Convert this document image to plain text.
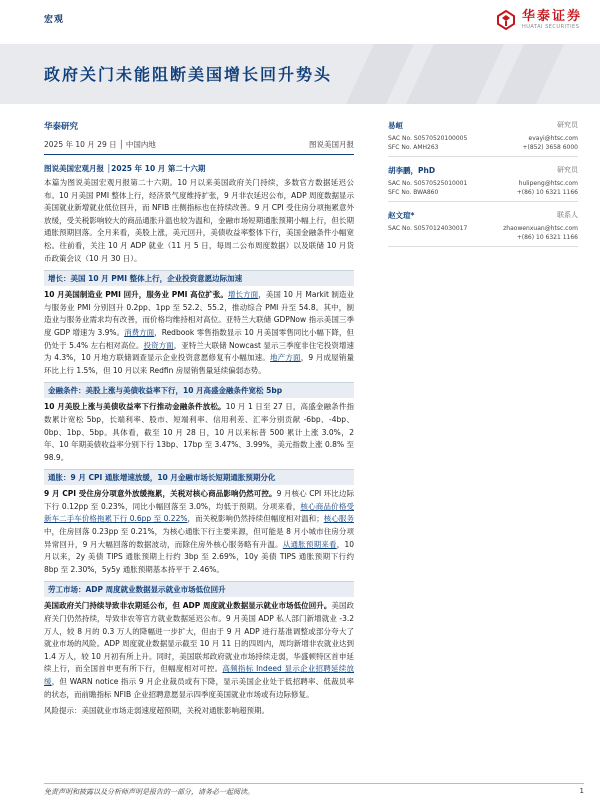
宏观	华泰证券
HUATAI SECURITIES
政府关门未能阻断美国增长回升势头
华泰研究
2025 年 10 月 29 日 │ 中国内地	图说美国月报
图说美国宏观月报 │2025 年 10 月 第二十六期
本篇为图说美国宏观月报第二十六期。10 月以来美国政府关门持续，多数官方数据延迟公布。10 月美国 PMI 整体上行，经济景气度维持扩张，9 月非农延迟公布，ADP 周度数据显示美国就业新增就业低位回升，而 NFIB 庄侧指标也在持续改善。9 月 CPI 受住房分项拖累意外放缓，受关税影响较大的商品通胀升温也较为温和，金融市场短期通胀预期小幅上行，但长期通胀预期回落。全月来看，美股上涨，美元回升，美债收益率整体下行，美国金融条件小幅宽松。往前看，关注 10 月 ADP 就业（11 月 5 日，每周二公布周度数据）以及联储 10 月货币政策会议（10 月 30 日）。
增长：美国 10 月 PMI 整体上行，企业投资意愿边际加速
10 月美国制造业 PMI 回升，服务业 PMI 高位扩张。增长方面，美国 10 月 Markit 制造业与服务业 PMI 分别回升 0.2pp、1pp 至 52.2、55.2，推动综合 PMI 升至 54.8。其中，制造业与服务业需求均有改善，而价格均维持相对高位。亚特兰大联储 GDPNow 指示美国三季度 GDP 增速为 3.9%。消费方面，Redbook 零售指数显示 10 月美国零售同比小幅下降，但仍处于 5.4% 左右相对高位。投资方面，亚特兰大联储 Nowcast 显示三季度非住宅投资增速为 4.3%，10 月地方联储调查显示企业投资意愿修复有小幅加速。地产方面，9 月成屋销量环比上行 1.5%，但 10 月以来 Redfin 房屋销售量延续偏弱态势。
金融条件：美股上涨与美债收益率下行，10 月高盛金融条件宽松 5bp
10 月美股上涨与美债收益率下行推动金融条件放松。10 月 1 日至 27 日，高盛金融条件指数累计宽松 5bp，长端利率、股市、短端利率、信用利差、汇率分别贡献 -6bp、-4bp、0bp、1bp、5bp。具体看，截至 10 月 28 日，10 月以来标普 500 累计上涨 3.0%，2 年、10 年期美债收益率分别下行 13bp、17bp 至 3.47%、3.99%，美元指数上涨 0.8% 至 98.9。
通胀：9 月 CPI 通胀增速放缓，10 月金融市场长短期通胀预期分化
9 月 CPI 受住房分项意外放缓拖累，关税对核心商品影响仍然可控。9 月核心 CPI 环比边际下行 0.12pp 至 0.23%，同比小幅回落至 3.0%，均低于预期。分项来看，核心商品价格受新车二手车价格拖累下行 0.6pp 至 0.22%，而关税影响仍然持续但幅度相对温和；核心服务中，住房回落 0.23pp 至 0.21%，为核心通胀下行主要来源，但可能是 8 月小城市住房分项异常回升，9 月大幅回落的数据波动，而除住房外核心服务略有升温。从通胀预期来看，10 月以来，2y 美债 TIPS 通胀预期上行约 3bp 至 2.69%，10y 美债 TIPS 通胀预期下行约 8bp 至 2.30%，5y5y 通胀预期基本持平于 2.46%。
劳工市场：ADP 周度就业数据显示就业市场低位回升
美国政府关门持续导致非农期延公布，但 ADP 周度就业数据显示就业市场低位回升。美国政府关门仍然持续，导致非农等官方就业数据延迟公布。9 月美国 ADP 私人部门新增就业 -3.2 万人，较 8 月的 0.3 万人的降幅进一步扩大，但由于 9 月 ADP 进行基准调整或部分夸大了就业市场的风险。ADP 周度就业数据显示截至 10 月 11 日的四周内，周均新增非农就业达到 1.4 万人，较 10 月初有所上升。同时，美国联邦政府就业市场持续走弱，华盛顿特区首申延续上行，而全国首申更有所下行，但幅度相对可控。高频指标 Indeed 显示企业招聘延续放缓，但 WARN notice 指示 9 月企业裁员或有下降，显示美国企业处于低招聘率、低裁员率的状态，而前瞻指标 NFIB 企业招聘意愿显示四季度美国就业市场或有边际修复。
风险提示：美国就业市场走弱速度超预期，关税对通胀影响超预期。
易峘	研究员
SAC No. S0570520100005	evayi@htsc.com
SFC No. AMH263	+(852) 3658 6000
胡李鹏，PhD	研究员
SAC No. S0570525010001	hulipeng@htsc.com
SFC No. BWA860	+(86) 10 6321 1166
赵文瑄*	联系人
SAC No. S0570124030017	zhaowenxuan@htsc.com
+(86) 10 6321 1166
免责声明和披露以及分析师声明是报告的一部分，请务必一起阅读。	1
